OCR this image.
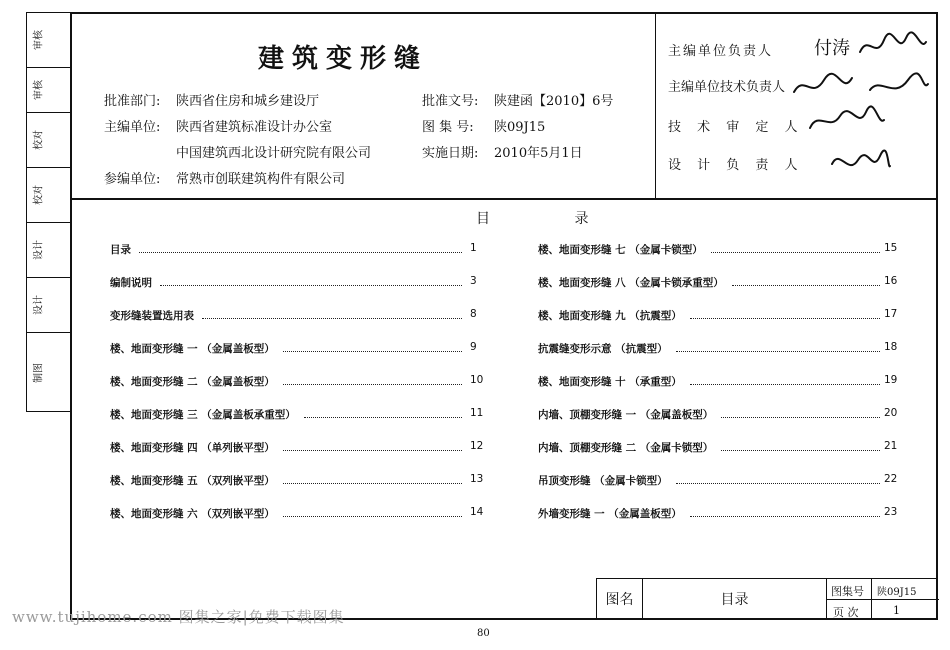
审核
审核
校对
校对
设计
设计
制图
建筑变形缝
批准部门: 陕西省住房和城乡建设厅
主编单位: 陕西省建筑标准设计办公室
中国建筑西北设计研究院有限公司
参编单位: 常熟市创联建筑构件有限公司
批准文号: 陕建函【2010】6号
图 集 号: 陕09J15
实施日期: 2010年5月1日
主编单位负责人
主编单位技术负责人
技 术 审 定 人
设 计 负 责 人
付涛
目 录
目录	1
编制说明	3
变形缝装置选用表	8
楼、地面变形缝 一 （金属盖板型）	9
楼、地面变形缝 二 （金属盖板型）	10
楼、地面变形缝 三 （金属盖板承重型）	11
楼、地面变形缝 四 （单列嵌平型）	12
楼、地面变形缝 五 （双列嵌平型）	13
楼、地面变形缝 六 （双列嵌平型）	14
楼、地面变形缝 七 （金属卡锁型）	15
楼、地面变形缝 八 （金属卡锁承重型）	16
楼、地面变形缝 九 （抗震型）	17
抗震缝变形示意 （抗震型）	18
楼、地面变形缝 十 （承重型）	19
内墙、顶棚变形缝 一 （金属盖板型）	20
内墙、顶棚变形缝 二 （金属卡锁型）	21
吊顶变形缝 （金属卡锁型）	22
外墙变形缝 一 （金属盖板型）	23
图名	目录
图集号 陕09J15
页 次	1
www.tujihome.com 图集之家|免费下载图集
80
